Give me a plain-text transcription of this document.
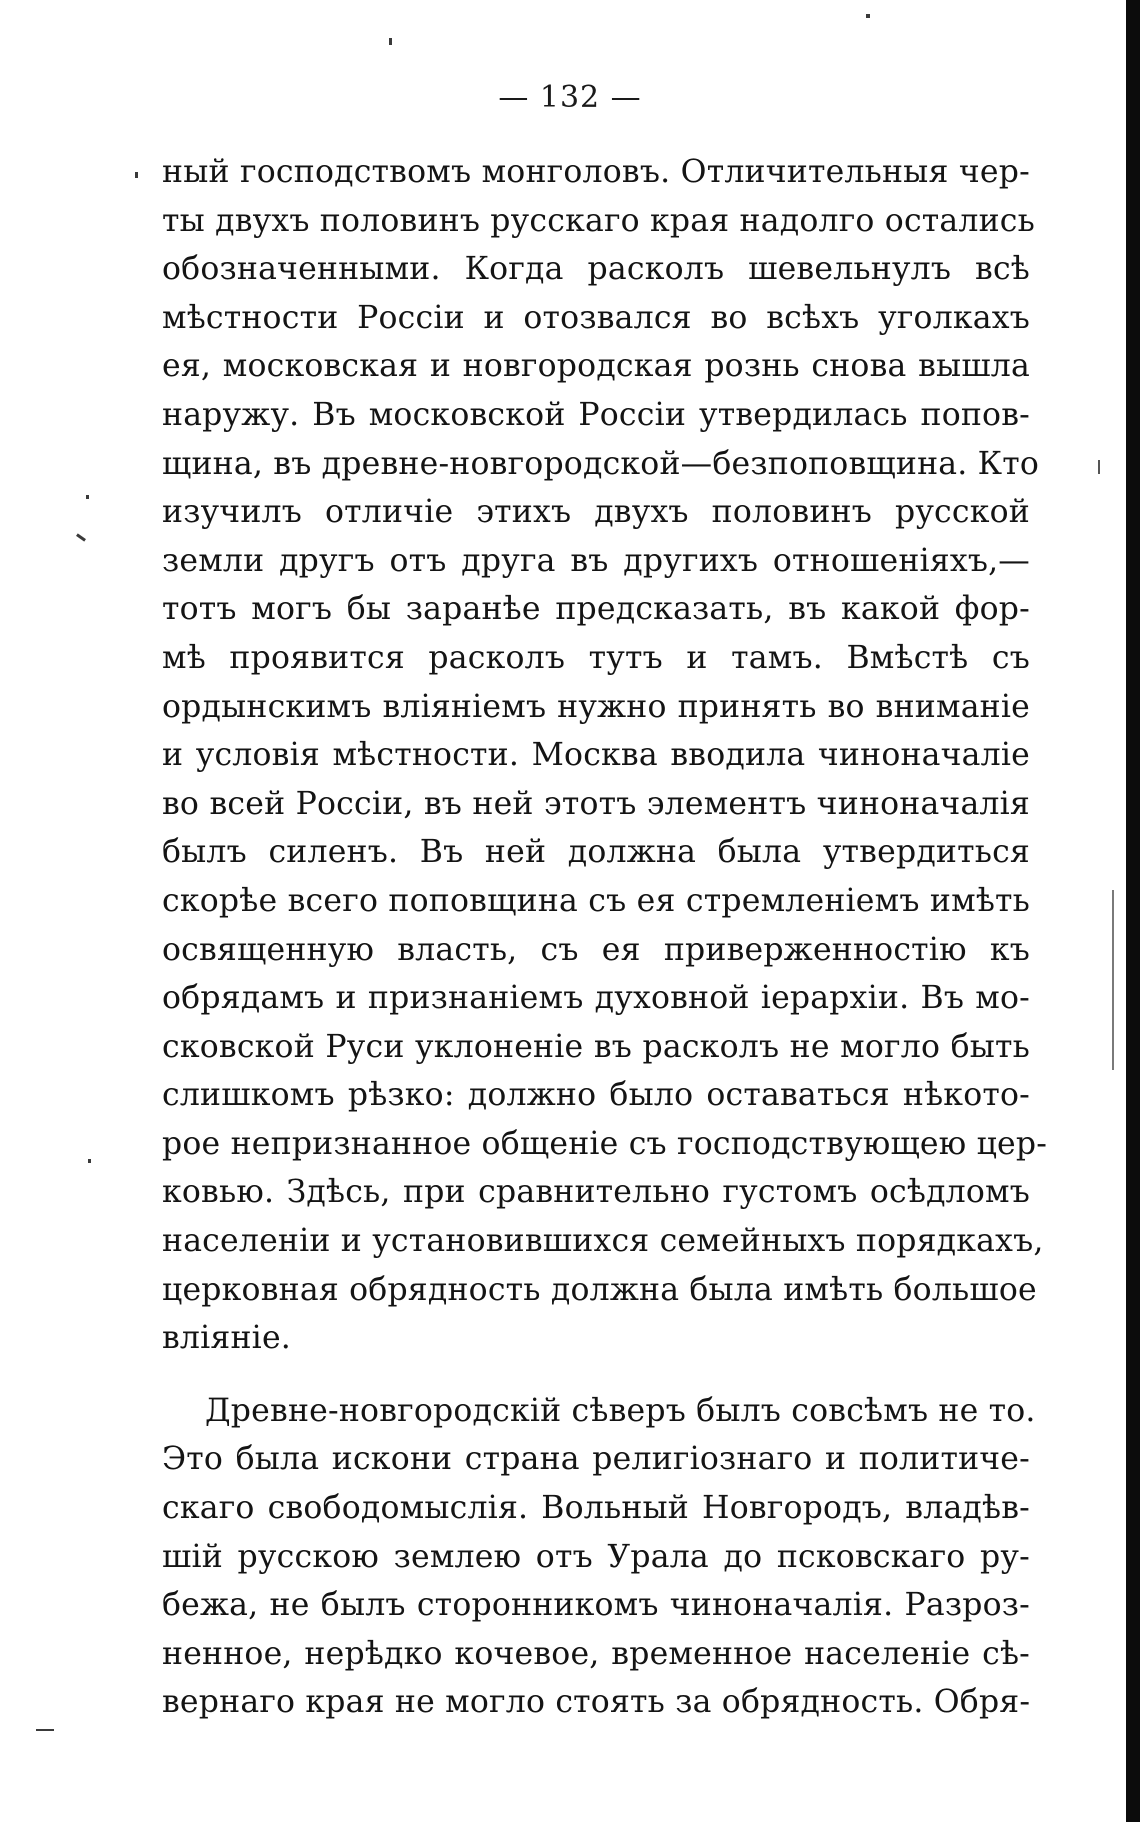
— 132 —
ный господствомъ монголовъ. Отличительныя чер-
ты двухъ половинъ русскаго края надолго остались
обозначенными. Когда расколъ шевельнулъ всѣ
мѣстности Россіи и отозвался во всѣхъ уголкахъ
ея, московская и новгородская рознь снова вышла
наружу. Въ московской Россіи утвердилась попов-
щина, въ древне-новгородской—безпоповщина. Кто
изучилъ отличіе этихъ двухъ половинъ русской
земли другъ отъ друга въ другихъ отношеніяхъ,—
тотъ могъ бы заранѣе предсказать, въ какой фор-
мѣ проявится расколъ тутъ и тамъ. Вмѣстѣ съ
ордынскимъ вліяніемъ нужно принять во вниманіе
и условія мѣстности. Москва вводила чиноначаліе
во всей Россіи, въ ней этотъ элементъ чиноначалія
былъ силенъ. Въ ней должна была утвердиться
скорѣе всего поповщина съ ея стремленіемъ имѣть
освященную власть, съ ея приверженностію къ
обрядамъ и признаніемъ духовной іерархіи. Въ мо-
сковской Руси уклоненіе въ расколъ не могло быть
слишкомъ рѣзко: должно было оставаться нѣкото-
рое непризнанное общеніе съ господствующею цер-
ковью. Здѣсь, при сравнительно густомъ осѣдломъ
населеніи и установившихся семейныхъ порядкахъ,
церковная обрядность должна была имѣть большое
вліяніе.
Древне-новгородскій сѣверъ былъ совсѣмъ не то.
Это была искони страна религіознаго и политиче-
скаго свободомыслія. Вольный Новгородъ, владѣв-
шій русскою землею отъ Урала до псковскаго ру-
бежа, не былъ сторонникомъ чиноначалія. Разроз-
ненное, нерѣдко кочевое, временное населеніе сѣ-
вернаго края не могло стоять за обрядность. Обря-
